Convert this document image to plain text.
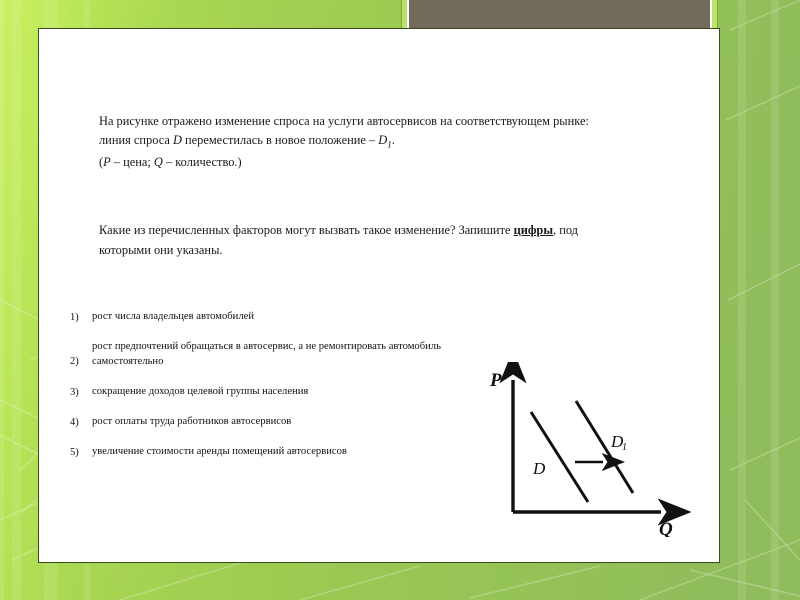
На рисунке отражено изменение спроса на услуги автосервисов на соответствующем рынке: линия спроса D переместилась в новое положение – $D_1$.
(P – цена; Q – количество.)
Какие из перечисленных факторов могут вызвать такое изменение? Запишите цифры, под которыми они указаны.
1)	рост числа владельцев автомобилей
2)
рост предпочтений обращаться в автосервис, а не ремонтировать автомобиль самостоятельно
3)	сокращение доходов целевой группы населения
4)	рост оплаты труда работников автосервисов
5)	увеличение стоимости аренды помещений автосервисов
P
Q
D
D
1
